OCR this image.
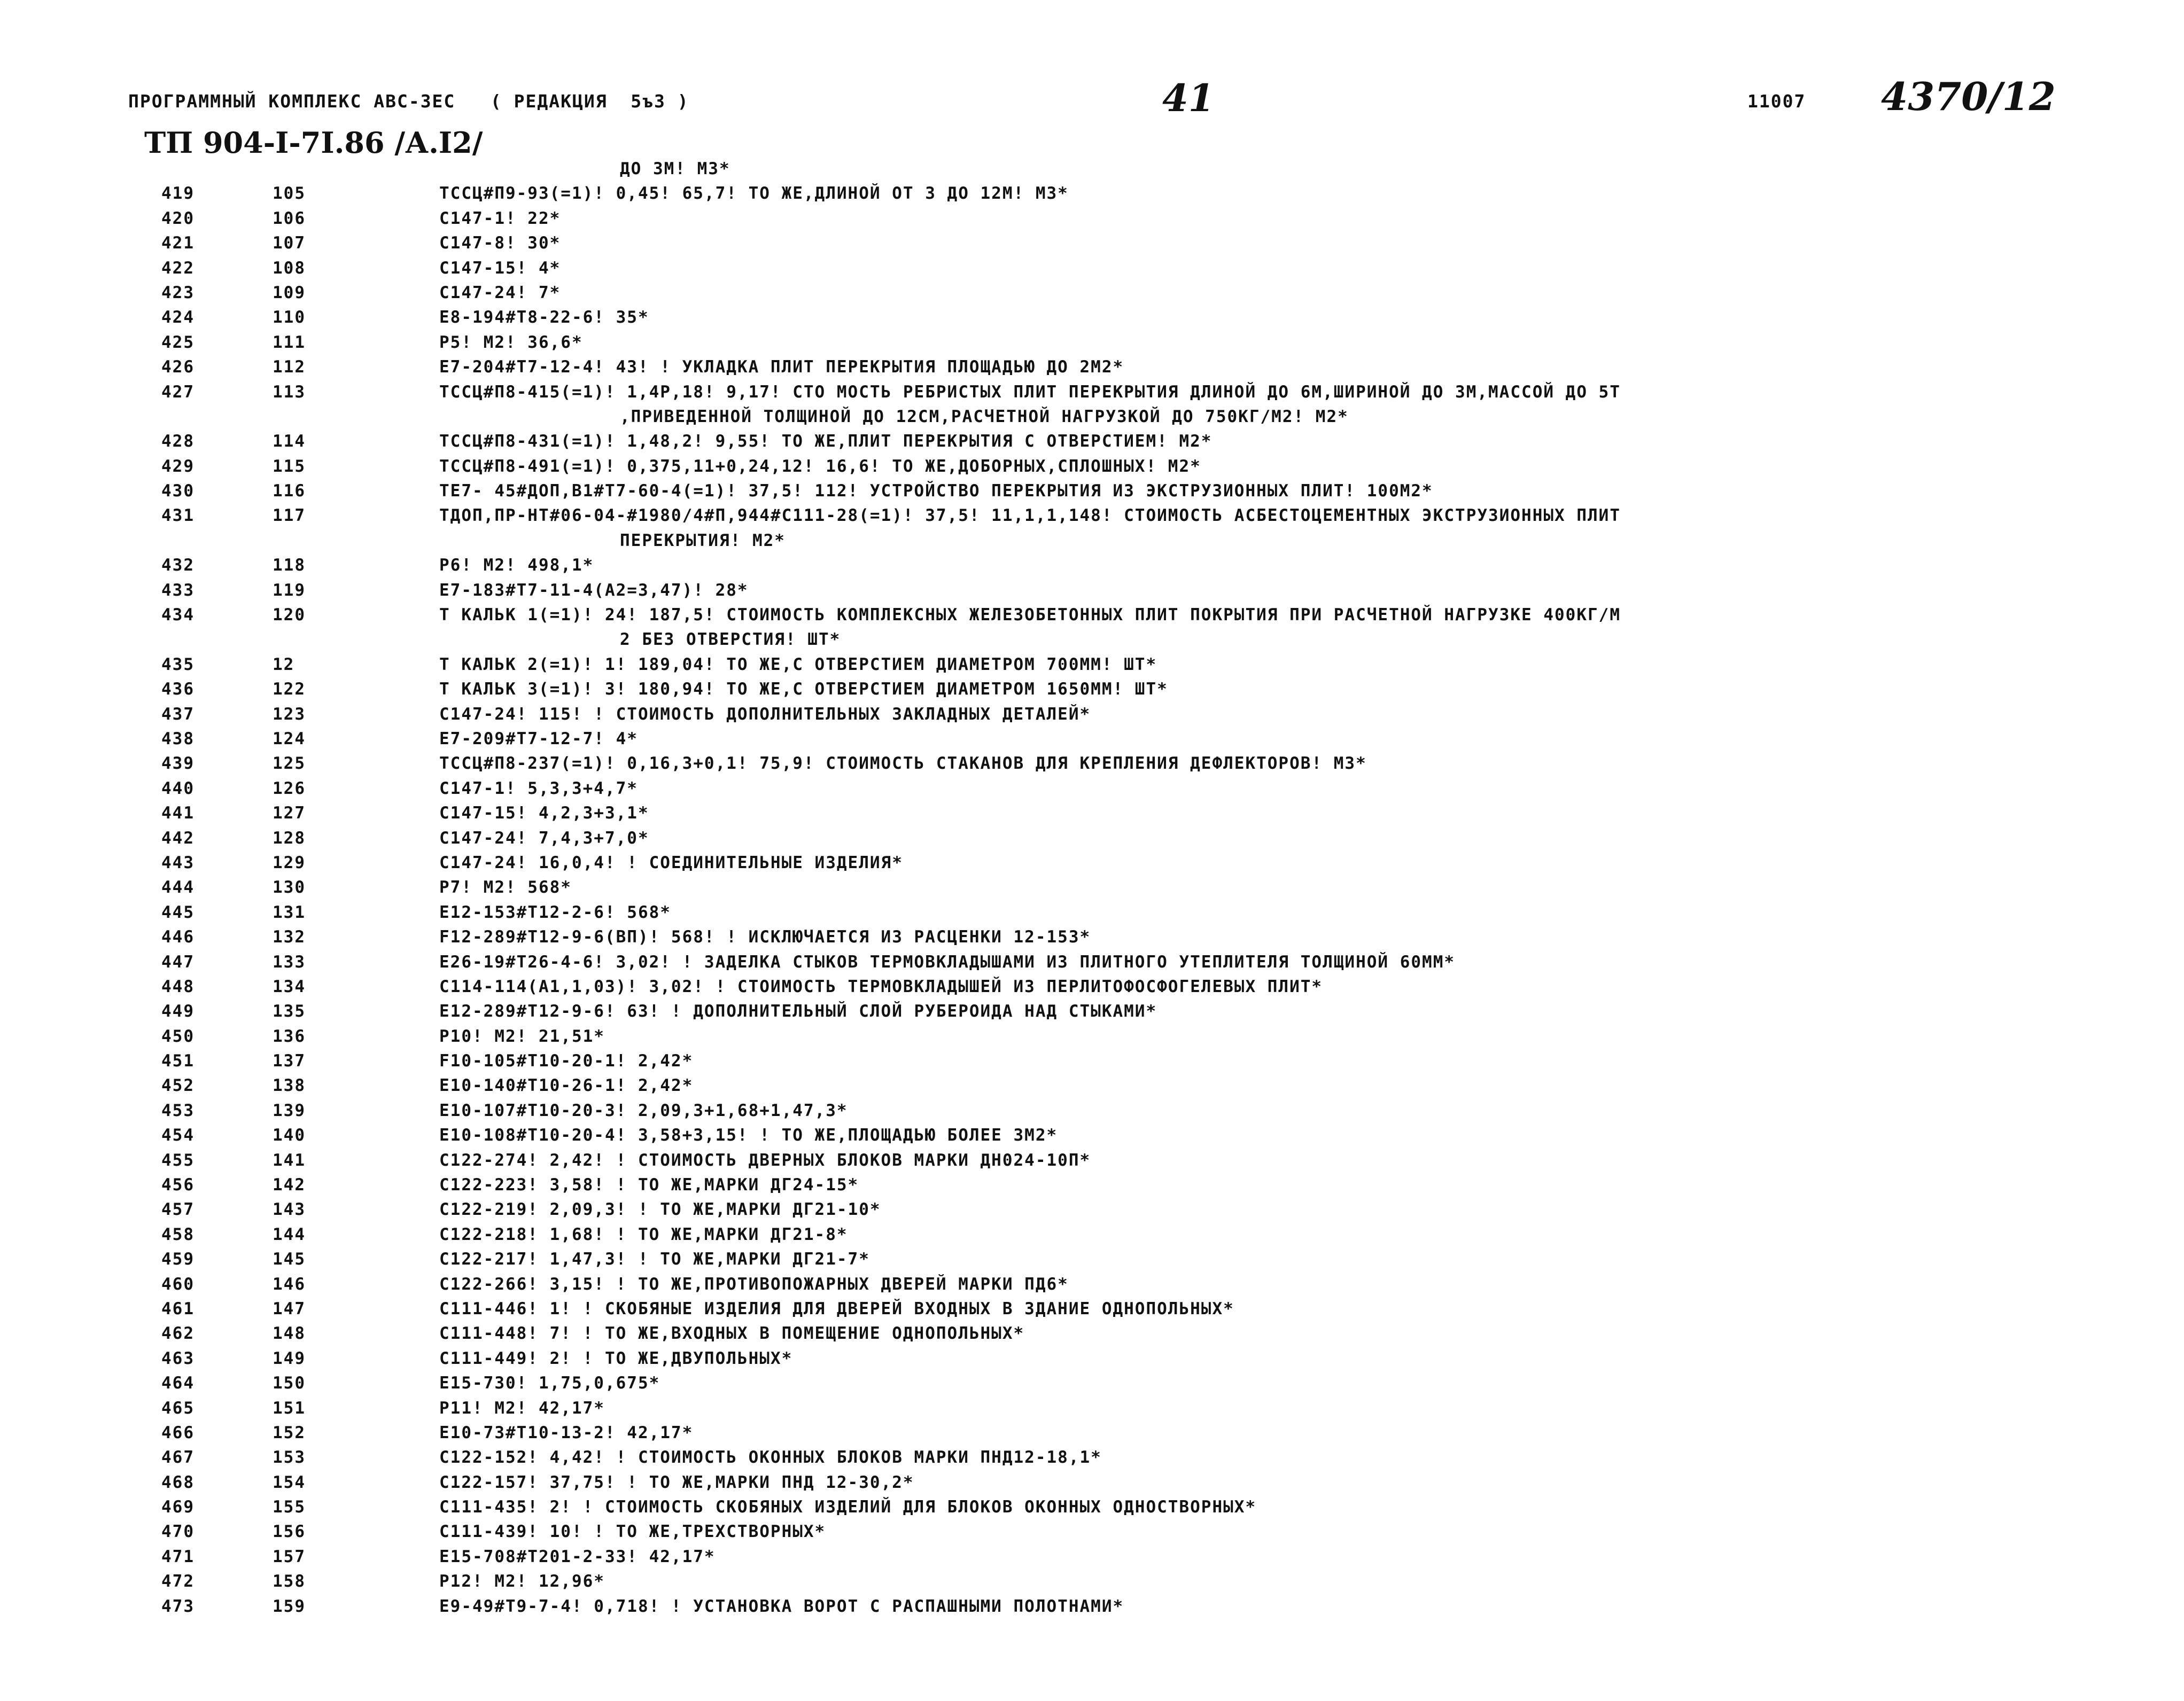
ПРОГРАММНЫЙ КОМПЛЕКС АВС-3ЕС   ( РЕДАКЦИЯ  5ъ3 )	41	11007 4370/12
ТП 904-I-7I.86 /А.I2/
ДО 3М! М3*
419	105	ТССЦ#П9-93(=1)! 0,45! 65,7! ТО ЖЕ,ДЛИНОЙ ОТ 3 ДО 12М! М3*
420	106	С147-1! 22*
421	107	С147-8! 30*
422	108	С147-15! 4*
423	109	С147-24! 7*
424	110	Е8-194#Т8-22-6! 35*
425	111	Р5! М2! 36,6*
426	112	Е7-204#Т7-12-4! 43! ! УКЛАДКА ПЛИТ ПЕРЕКРЫТИЯ ПЛОЩАДЬЮ ДО 2М2*
427	113	ТССЦ#П8-415(=1)! 1,4Р,18! 9,17! СТО МОСТЬ РЕБРИСТЫХ ПЛИТ ПЕРЕКРЫТИЯ ДЛИНОЙ ДО 6М,ШИРИНОЙ ДО 3М,МАССОЙ ДО 5Т
,ПРИВЕДЕННОЙ ТОЛЩИНОЙ ДО 12СМ,РАСЧЕТНОЙ НАГРУЗКОЙ ДО 750КГ/М2! М2*
428	114	ТССЦ#П8-431(=1)! 1,48,2! 9,55! ТО ЖЕ,ПЛИТ ПЕРЕКРЫТИЯ С ОТВЕРСТИЕМ! М2*
429	115	ТССЦ#П8-491(=1)! 0,375,11+0,24,12! 16,6! ТО ЖЕ,ДОБОРНЫХ,СПЛОШНЫХ! М2*
430	116	ТЕ7- 45#ДОП,В1#Т7-60-4(=1)! 37,5! 112! УСТРОЙСТВО ПЕРЕКРЫТИЯ ИЗ ЭКСТРУЗИОННЫХ ПЛИТ! 100М2*
431	117	ТДОП,ПР-НТ#06-04-#1980/4#П,944#С111-28(=1)! 37,5! 11,1,1,148! СТОИМОСТЬ АСБЕСТОЦЕМЕНТНЫХ ЭКСТРУЗИОННЫХ ПЛИТ
ПЕРЕКРЫТИЯ! М2*
432	118	Р6! М2! 498,1*
433	119	Е7-183#Т7-11-4(А2=3,47)! 28*
434	120	Т КАЛЬК 1(=1)! 24! 187,5! СТОИМОСТЬ КОМПЛЕКСНЫХ ЖЕЛЕЗОБЕТОННЫХ ПЛИТ ПОКРЫТИЯ ПРИ РАСЧЕТНОЙ НАГРУЗКЕ 400КГ/М
2 БЕЗ ОТВЕРСТИЯ! ШТ*
435	12	Т КАЛЬК 2(=1)! 1! 189,04! ТО ЖЕ,С ОТВЕРСТИЕМ ДИАМЕТРОМ 700ММ! ШТ*
436	122	Т КАЛЬК 3(=1)! 3! 180,94! ТО ЖЕ,С ОТВЕРСТИЕМ ДИАМЕТРОМ 1650ММ! ШТ*
437	123	С147-24! 115! ! СТОИМОСТЬ ДОПОЛНИТЕЛЬНЫХ ЗАКЛАДНЫХ ДЕТАЛЕЙ*
438	124	Е7-209#Т7-12-7! 4*
439	125	ТССЦ#П8-237(=1)! 0,16,3+0,1! 75,9! СТОИМОСТЬ СТАКАНОВ ДЛЯ КРЕПЛЕНИЯ ДЕФЛЕКТОРОВ! М3*
440	126	С147-1! 5,3,3+4,7*
441	127	С147-15! 4,2,3+3,1*
442	128	С147-24! 7,4,3+7,0*
443	129	С147-24! 16,0,4! ! СОЕДИНИТЕЛЬНЫЕ ИЗДЕЛИЯ*
444	130	Р7! М2! 568*
445	131	Е12-153#Т12-2-6! 568*
446	132	F12-289#Т12-9-6(ВП)! 568! ! ИСКЛЮЧАЕТСЯ ИЗ РАСЦЕНКИ 12-153*
447	133	Е26-19#Т26-4-6! 3,02! ! ЗАДЕЛКА СТЫКОВ ТЕРМОВКЛАДЫШАМИ ИЗ ПЛИТНОГО УТЕПЛИТЕЛЯ ТОЛЩИНОЙ 60ММ*
448	134	С114-114(А1,1,03)! 3,02! ! СТОИМОСТЬ ТЕРМОВКЛАДЫШЕЙ ИЗ ПЕРЛИТОФОСФОГЕЛЕВЫХ ПЛИТ*
449	135	Е12-289#Т12-9-6! 63! ! ДОПОЛНИТЕЛЬНЫЙ СЛОЙ РУБЕРОИДА НАД СТЫКАМИ*
450	136	Р10! М2! 21,51*
451	137	F10-105#Т10-20-1! 2,42*
452	138	Е10-140#Т10-26-1! 2,42*
453	139	Е10-107#Т10-20-3! 2,09,3+1,68+1,47,3*
454	140	Е10-108#Т10-20-4! 3,58+3,15! ! ТО ЖЕ,ПЛОЩАДЬЮ БОЛЕЕ 3М2*
455	141	С122-274! 2,42! ! СТОИМОСТЬ ДВЕРНЫХ БЛОКОВ МАРКИ ДН024-10П*
456	142	С122-223! 3,58! ! ТО ЖЕ,МАРКИ ДГ24-15*
457	143	С122-219! 2,09,3! ! ТО ЖЕ,МАРКИ ДГ21-10*
458	144	С122-218! 1,68! ! ТО ЖЕ,МАРКИ ДГ21-8*
459	145	С122-217! 1,47,3! ! ТО ЖЕ,МАРКИ ДГ21-7*
460	146	С122-266! 3,15! ! ТО ЖЕ,ПРОТИВОПОЖАРНЫХ ДВЕРЕЙ МАРКИ ПД6*
461	147	С111-446! 1! ! СКОБЯНЫЕ ИЗДЕЛИЯ ДЛЯ ДВЕРЕЙ ВХОДНЫХ В ЗДАНИЕ ОДНОПОЛЬНЫХ*
462	148	С111-448! 7! ! ТО ЖЕ,ВХОДНЫХ В ПОМЕЩЕНИЕ ОДНОПОЛЬНЫХ*
463	149	С111-449! 2! ! ТО ЖЕ,ДВУПОЛЬНЫХ*
464	150	Е15-730! 1,75,0,675*
465	151	Р11! М2! 42,17*
466	152	Е10-73#Т10-13-2! 42,17*
467	153	С122-152! 4,42! ! СТОИМОСТЬ ОКОННЫХ БЛОКОВ МАРКИ ПНД12-18,1*
468	154	С122-157! 37,75! ! ТО ЖЕ,МАРКИ ПНД 12-30,2*
469	155	С111-435! 2! ! СТОИМОСТЬ СКОБЯНЫХ ИЗДЕЛИЙ ДЛЯ БЛОКОВ ОКОННЫХ ОДНОСТВОРНЫХ*
470	156	С111-439! 10! ! ТО ЖЕ,ТРЕХСТВОРНЫХ*
471	157	Е15-708#Т201-2-33! 42,17*
472	158	Р12! М2! 12,96*
473	159	Е9-49#Т9-7-4! 0,718! ! УСТАНОВКА ВОРОТ С РАСПАШНЫМИ ПОЛОТНАМИ*
